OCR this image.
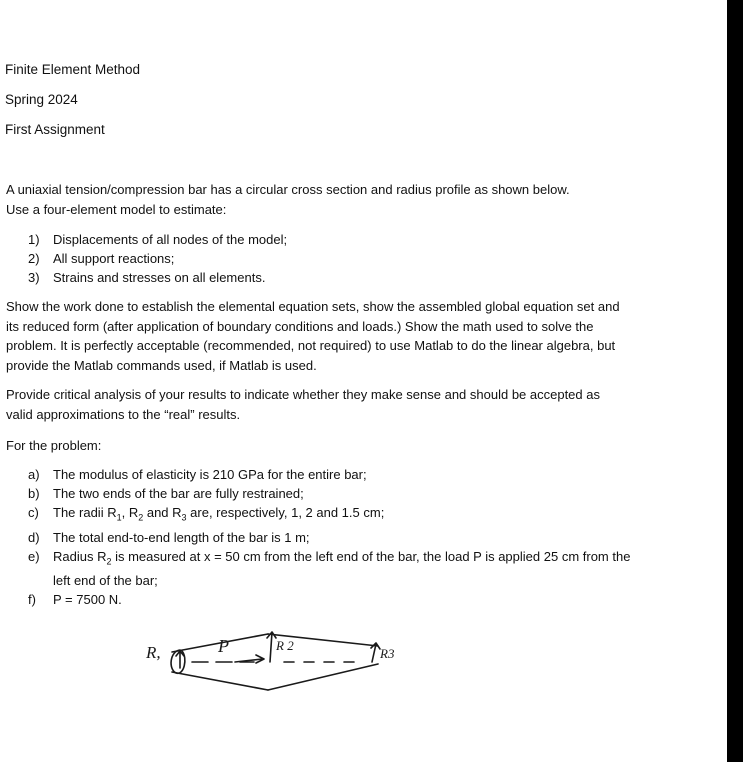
Finite Element Method
Spring 2024
First Assignment
A uniaxial tension/compression bar has a circular cross section and radius profile as shown below.
Use a four-element model to estimate:
1)	Displacements of all nodes of the model;
2)	All support reactions;
3)	Strains and stresses on all elements.

Show the work done to establish the elemental equation sets, show the assembled global equation set and its reduced form (after application of boundary conditions and loads.) Show the math used to solve the problem. It is perfectly acceptable (recommended, not required) to use Matlab to do the linear algebra, but provide the Matlab commands used, if Matlab is used.

Provide critical analysis of your results to indicate whether they make sense and should be accepted as valid approximations to the “real” results.

For the problem:
a)	The modulus of elasticity is 210 GPa for the entire bar;
b)	The two ends of the bar are fully restrained;
c)	The radii $R_1$, $R_2$ and $R_3$ are, respectively, 1, 2 and 1.5 cm;
d)	The total end-to-end length of the bar is 1 m;
e)	Radius $R_2$ is measured at x = 50 cm from the left end of the bar, the load P is applied 25 cm from the left end of the bar;
f)	P = 7500 N.
R,	P	R 2
R3
